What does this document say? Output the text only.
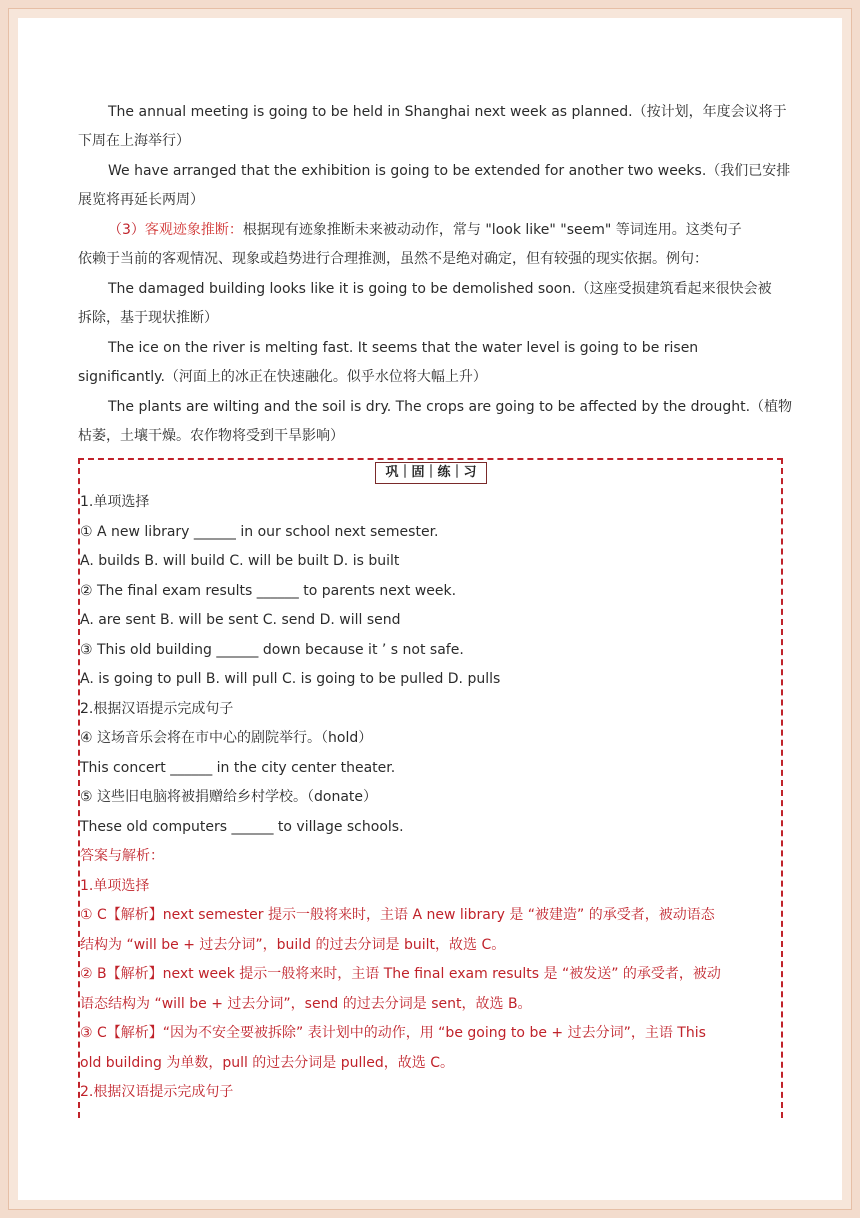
The annual meeting is going to be held in Shanghai next week as planned.（按计划，年度会议将于
下周在上海举行）
We have arranged that the exhibition is going to be extended for another two weeks.（我们已安排
展览将再延长两周）
（3）客观迹象推断：根据现有迹象推断未来被动动作，常与 "look like" "seem" 等词连用。这类句子
依赖于当前的客观情况、现象或趋势进行合理推测，虽然不是绝对确定，但有较强的现实依据。例句：
The damaged building looks like it is going to be demolished soon.（这座受损建筑看起来很快会被
拆除，基于现状推断）
The ice on the river is melting fast. It seems that the water level is going to be risen
significantly.（河面上的冰正在快速融化。似乎水位将大幅上升）
The plants are wilting and the soil is dry. The crops are going to be affected by the drought.（植物
枯萎，土壤干燥。农作物将受到干旱影响）
巩｜固｜练｜习
1.单项选择
① A new library ______ in our school next semester.
A. builds B. will build C. will be built D. is built
② The final exam results ______ to parents next week.
A. are sent B. will be sent C. send D. will send
③ This old building ______ down because it ’ s not safe.
A. is going to pull B. will pull C. is going to be pulled D. pulls
2.根据汉语提示完成句子
④ 这场音乐会将在市中心的剧院举行。（hold）
This concert ______ in the city center theater.
⑤ 这些旧电脑将被捐赠给乡村学校。（donate）
These old computers ______ to village schools.
答案与解析：
1.单项选择
① C【解析】next semester 提示一般将来时，主语 A new library 是 “被建造” 的承受者，被动语态
结构为 “will be + 过去分词”，build 的过去分词是 built，故选 C。
② B【解析】next week 提示一般将来时，主语 The final exam results 是 “被发送” 的承受者，被动
语态结构为 “will be + 过去分词”，send 的过去分词是 sent，故选 B。
③ C【解析】“因为不安全要被拆除” 表计划中的动作，用 “be going to be + 过去分词”，主语 This
old building 为单数，pull 的过去分词是 pulled，故选 C。
2.根据汉语提示完成句子
